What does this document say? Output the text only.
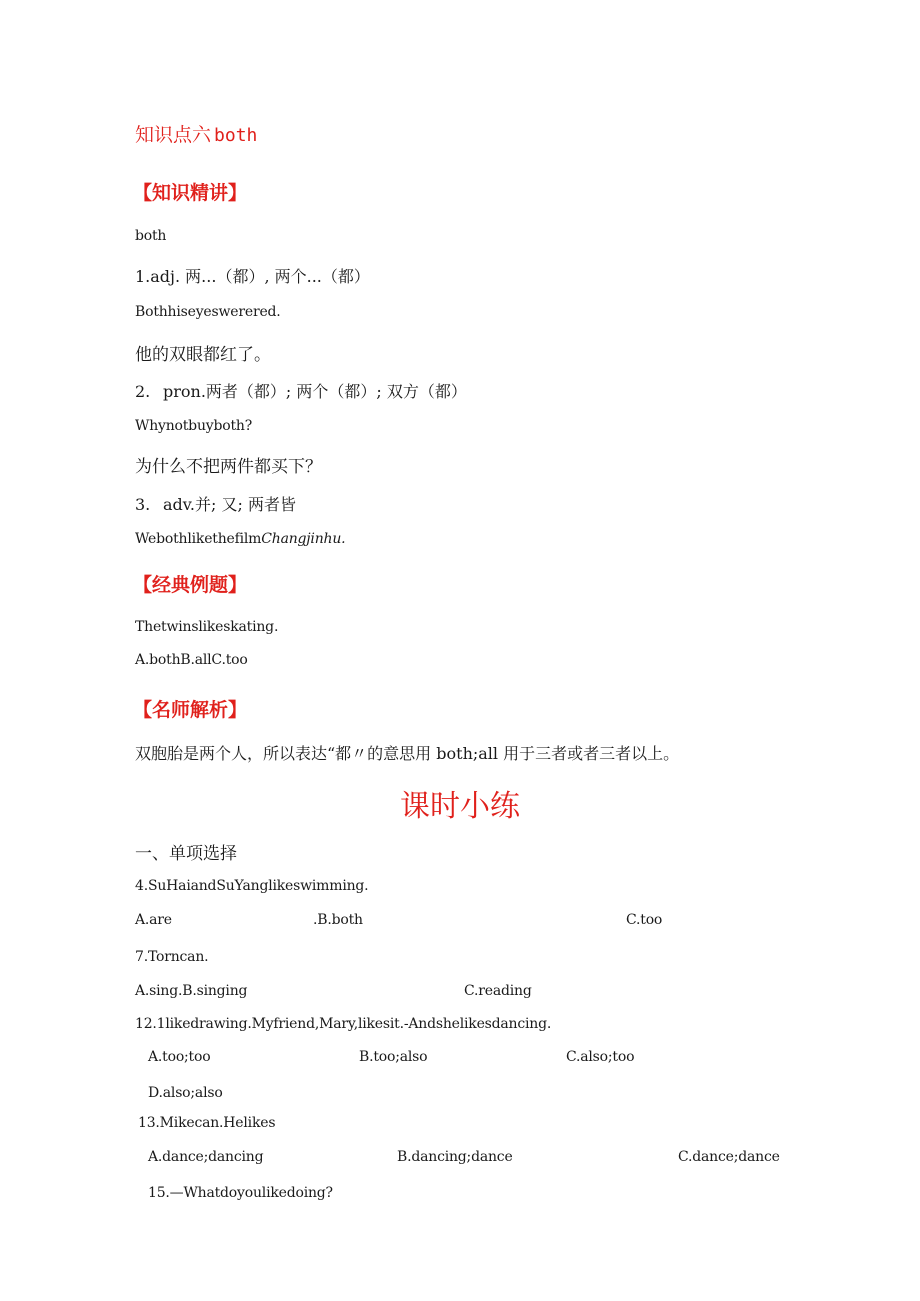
知识点六 both
【知识精讲】
both
1.adj. 两...（都）, 两个...（都）
Bothhiseyeswerered.
他的双眼都红了。
2. pron.两者（都）; 两个（都）; 双方（都）
Whynotbuyboth?
为什么不把两件都买下？
3. adv.并; 又; 两者皆
WebothlikethefilmChangjinhu.
【经典例题】
Thetwinslikeskating.
A.bothB.allC.too
【名师解析】
双胞胎是两个人，所以表达“都〃的意思用 both;all 用于三者或者三者以上。
课时小练
一、单项选择
4.SuHaiandSuYanglikeswimming.
A.are	.B.both	C.too
7.Torncan.
A.sing.B.singing	C.reading
12.1likedrawing.Myfriend,Mary,likesit.-Andshelikesdancing.
A.too;too	B.too;also	C.also;too
D.also;also
13.Mikecan.Helikes
A.dance;dancing	B.dancing;dance	C.dance;dance
15.—Whatdoyoulikedoing?
